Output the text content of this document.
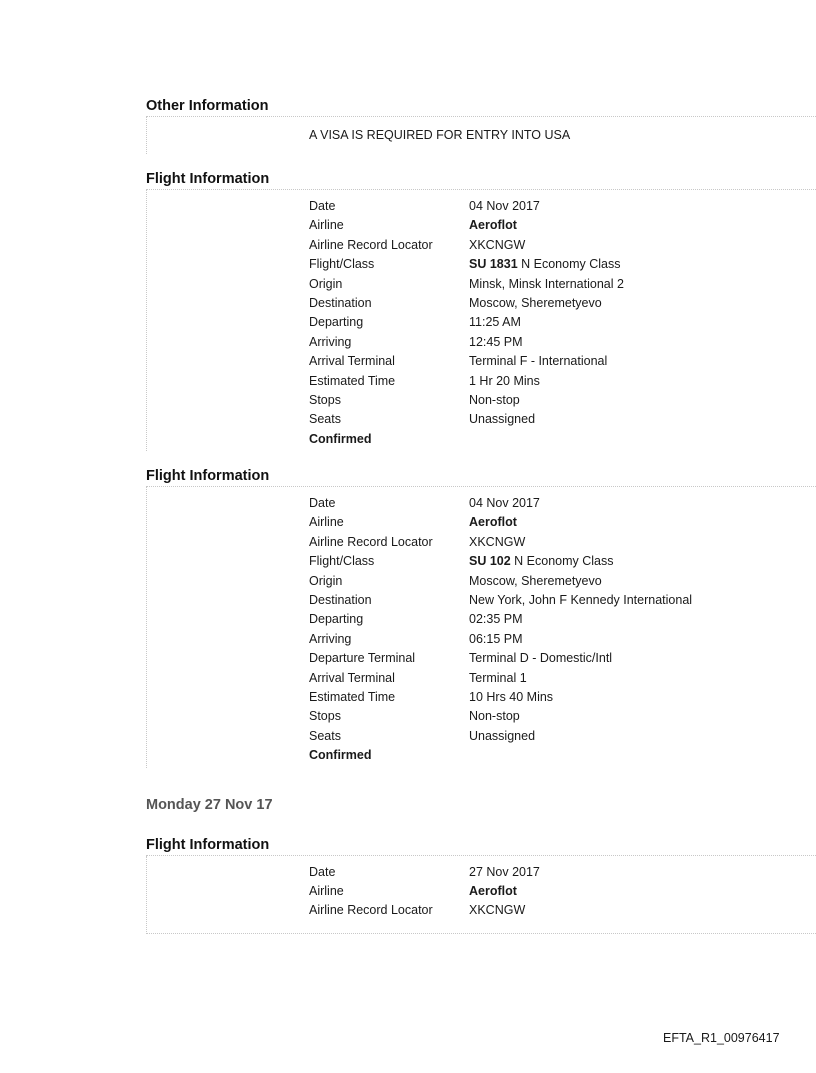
Other Information
A VISA IS REQUIRED FOR ENTRY INTO USA
Flight Information
Date	04 Nov 2017
Airline	Aeroflot
Airline Record Locator	XKCNGW
Flight/Class	SU 1831 N Economy Class
Origin	Minsk, Minsk International 2
Destination	Moscow, Sheremetyevo
Departing	11:25 AM
Arriving	12:45 PM
Arrival Terminal	Terminal F - International
Estimated Time	1 Hr 20 Mins
Stops	Non-stop
Seats	Unassigned
Confirmed
Flight Information
Date	04 Nov 2017
Airline	Aeroflot
Airline Record Locator	XKCNGW
Flight/Class	SU 102 N Economy Class
Origin	Moscow, Sheremetyevo
Destination	New York, John F Kennedy International
Departing	02:35 PM
Arriving	06:15 PM
Departure Terminal	Terminal D - Domestic/Intl
Arrival Terminal	Terminal 1
Estimated Time	10 Hrs 40 Mins
Stops	Non-stop
Seats	Unassigned
Confirmed
Monday 27 Nov 17
Flight Information
Date	27 Nov 2017
Airline	Aeroflot
Airline Record Locator	XKCNGW
EFTA_R1_00976417
